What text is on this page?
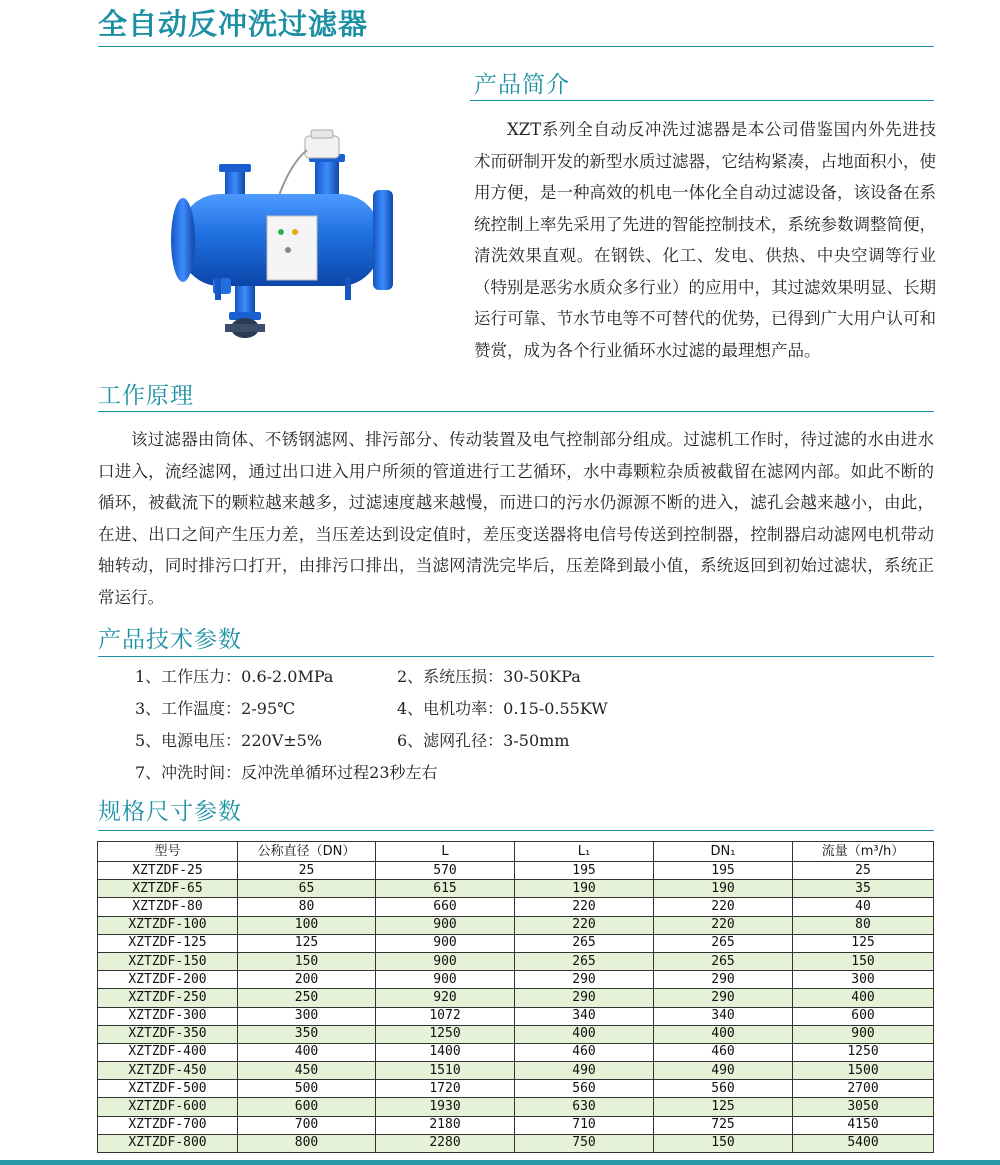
全自动反冲洗过滤器
产品简介

XZT系列全自动反冲洗过滤器是本公司借鉴国内外先进技术而研制开发的新型水质过滤器，它结构紧凑，占地面积小，使用方便，是一种高效的机电一体化全自动过滤设备，该设备在系统控制上率先采用了先进的智能控制技术，系统参数调整简便，清洗效果直观。在钢铁、化工、发电、供热、中央空调等行业（特别是恶劣水质众多行业）的应用中，其过滤效果明显、长期运行可靠、节水节电等不可替代的优势，已得到广大用户认可和赞赏，成为各个行业循环水过滤的最理想产品。

工作原理

该过滤器由筒体、不锈钢滤网、排污部分、传动装置及电气控制部分组成。过滤机工作时，待过滤的水由进水口进入，流经滤网，通过出口进入用户所须的管道进行工艺循环，水中毒颗粒杂质被截留在滤网内部。如此不断的循环，被截流下的颗粒越来越多，过滤速度越来越慢，而进口的污水仍源源不断的进入，滤孔会越来越小，由此，在进、出口之间产生压力差，当压差达到设定值时，差压变送器将电信号传送到控制器，控制器启动滤网电机带动轴转动，同时排污口打开，由排污口排出，当滤网清洗完毕后，压差降到最小值，系统返回到初始过滤状，系统正常运行。

产品技术参数
1、工作压力：0.6-2.0MPa	2、系统压损：30-50KPa
3、工作温度：2-95℃	4、电机功率：0.15-0.55KW
5、电源电压：220V±5%	6、滤网孔径：3-50mm
7、冲洗时间：反冲洗单循环过程23秒左右
规格尺寸参数
型号	公称直径（DN）	L	L₁	DN₁	流量（m³/h）
XZTZDF-25	25	570	195	195	25
XZTZDF-65	65	615	190	190	35
XZTZDF-80	80	660	220	220	40
XZTZDF-100	100	900	220	220	80
XZTZDF-125	125	900	265	265	125
XZTZDF-150	150	900	265	265	150
XZTZDF-200	200	900	290	290	300
XZTZDF-250	250	920	290	290	400
XZTZDF-300	300	1072	340	340	600
XZTZDF-350	350	1250	400	400	900
XZTZDF-400	400	1400	460	460	1250
XZTZDF-450	450	1510	490	490	1500
XZTZDF-500	500	1720	560	560	2700
XZTZDF-600	600	1930	630	125	3050
XZTZDF-700	700	2180	710	725	4150
XZTZDF-800	800	2280	750	150	5400
